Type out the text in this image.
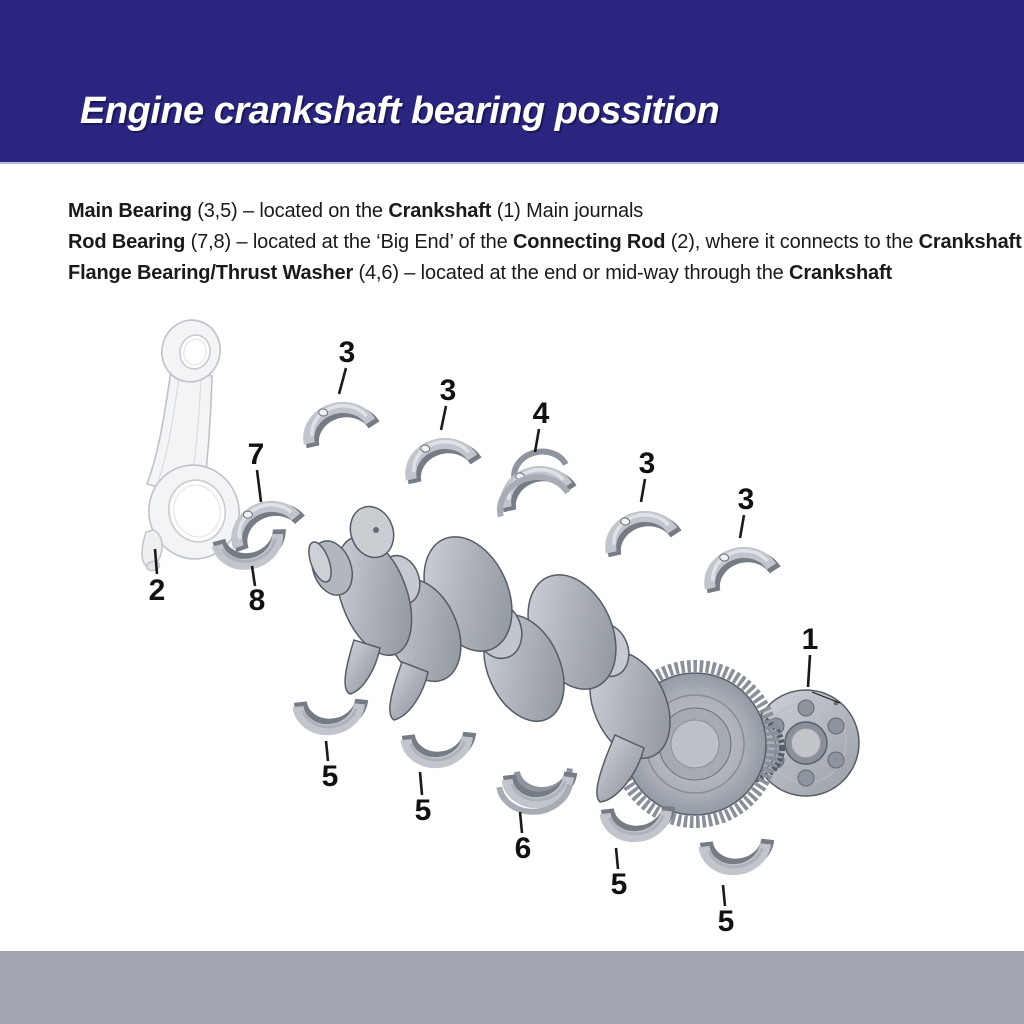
Engine crankshaft bearing possition

Main Bearing (3,5) – located on the Crankshaft (1) Main journals

Rod Bearing (7,8) – located at the ‘Big End’ of the Connecting Rod (2), where it connects to the Crankshaft

Flange Bearing/Thrust Washer (4,6) – located at the end or mid-way through the Crankshaft

2
7
8
3
3
4
3
3
1
5
5
6
5
5
